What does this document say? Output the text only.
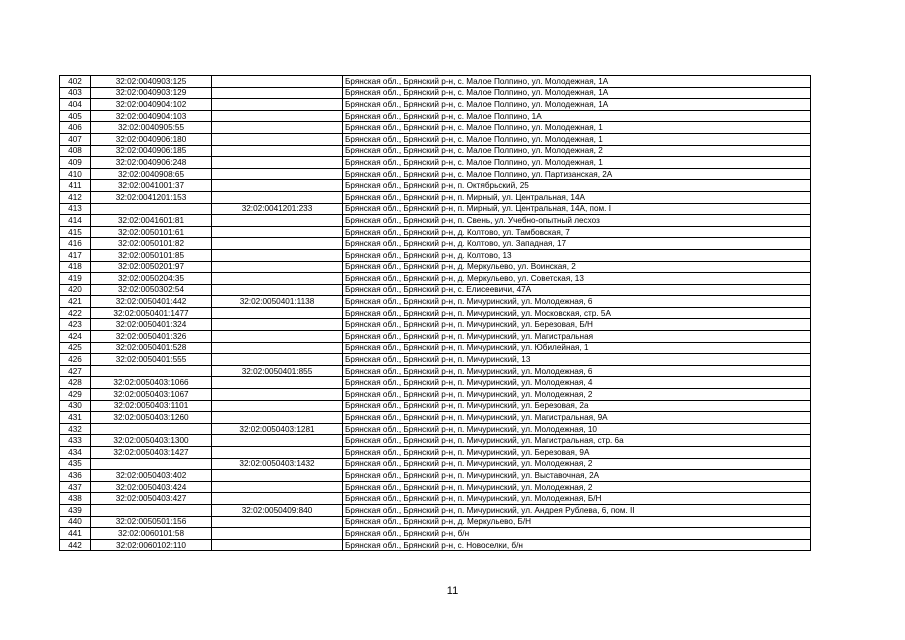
402	32:02:0040903:125		Брянская обл., Брянский р-н, с. Малое Полпино, ул. Молодежная, 1А
403	32:02:0040903:129		Брянская обл., Брянский р-н, с. Малое Полпино, ул. Молодежная, 1А
404	32:02:0040904:102		Брянская обл., Брянский р-н, с. Малое Полпино, ул. Молодежная, 1А
405	32:02:0040904:103		Брянская обл., Брянский р-н, с. Малое Полпино, 1А
406	32:02:0040905:55		Брянская обл., Брянский р-н, с. Малое Полпино, ул. Молодежная, 1
407	32:02:0040906:180		Брянская обл., Брянский р-н, с. Малое Полпино, ул. Молодежная, 1
408	32:02:0040906:185		Брянская обл., Брянский р-н, с. Малое Полпино, ул. Молодежная, 2
409	32:02:0040906:248		Брянская обл., Брянский р-н, с. Малое Полпино, ул. Молодежная, 1
410	32:02:0040908:65		Брянская обл., Брянский р-н, с. Малое Полпино, ул. Партизанская, 2А
411	32:02:0041001:37		Брянская обл., Брянский р-н, п. Октябрьский, 25
412	32:02:0041201:153		Брянская обл., Брянский р-н, п. Мирный, ул. Центральная, 14А
413		32:02:0041201:233	Брянская обл., Брянский р-н, п. Мирный, ул. Центральная, 14А, пом. I
414	32:02:0041601:81		Брянская обл., Брянский р-н, п. Свень, ул. Учебно-опытный лесхоз
415	32:02:0050101:61		Брянская обл., Брянский р-н, д. Колтово, ул. Тамбовская, 7
416	32:02:0050101:82		Брянская обл., Брянский р-н, д. Колтово, ул. Западная, 17
417	32:02:0050101:85		Брянская обл., Брянский р-н, д. Колтово, 13
418	32:02:0050201:97		Брянская обл., Брянский р-н, д. Меркульево, ул. Воинская, 2
419	32:02:0050204:35		Брянская обл., Брянский р-н, д. Меркульево, ул. Советская, 13
420	32:02:0050302:54		Брянская обл., Брянский р-н, с. Елисеевичи, 47А
421	32:02:0050401:442	32:02:0050401:1138	Брянская обл., Брянский р-н, п. Мичуринский, ул. Молодежная, 6
422	32:02:0050401:1477		Брянская обл., Брянский р-н, п. Мичуринский, ул. Московская, стр. 5А
423	32:02:0050401:324		Брянская обл., Брянский р-н, п. Мичуринский, ул. Березовая, Б/Н
424	32:02:0050401:326		Брянская обл., Брянский р-н, п. Мичуринский, ул. Магистральная
425	32:02:0050401:528		Брянская обл., Брянский р-н, п. Мичуринский, ул. Юбилейная, 1
426	32:02:0050401:555		Брянская обл., Брянский р-н, п. Мичуринский, 13
427		32:02:0050401:855	Брянская обл., Брянский р-н, п. Мичуринский, ул. Молодежная, 6
428	32:02:0050403:1066		Брянская обл., Брянский р-н, п. Мичуринский, ул. Молодежная, 4
429	32:02:0050403:1067		Брянская обл., Брянский р-н, п. Мичуринский, ул. Молодежная, 2
430	32:02:0050403:1101		Брянская обл., Брянский р-н, п. Мичуринский, ул. Березовая, 2а
431	32:02:0050403:1260		Брянская обл., Брянский р-н, п. Мичуринский, ул. Магистральная, 9А
432		32:02:0050403:1281	Брянская обл., Брянский р-н, п. Мичуринский, ул. Молодежная, 10
433	32:02:0050403:1300		Брянская обл., Брянский р-н, п. Мичуринский, ул. Магистральная, стр. 6а
434	32:02:0050403:1427		Брянская обл., Брянский р-н, п. Мичуринский, ул. Березовая, 9А
435		32:02:0050403:1432	Брянская обл., Брянский р-н, п. Мичуринский, ул. Молодежная, 2
436	32:02:0050403:402		Брянская обл., Брянский р-н, п. Мичуринский, ул. Выставочная, 2А
437	32:02:0050403:424		Брянская обл., Брянский р-н, п. Мичуринский, ул. Молодежная, 2
438	32:02:0050403:427		Брянская обл., Брянский р-н, п. Мичуринский, ул. Молодежная, Б/Н
439		32:02:0050409:840	Брянская обл., Брянский р-н, п. Мичуринский, ул. Андрея Рублева, 6, пом. II
440	32:02:0050501:156		Брянская обл., Брянский р-н, д. Меркульево, Б/Н
441	32:02:0060101:58		Брянская обл., Брянский р-н, б/н
442	32:02:0060102:110		Брянская обл., Брянский р-н, с. Новоселки, б/н
11
